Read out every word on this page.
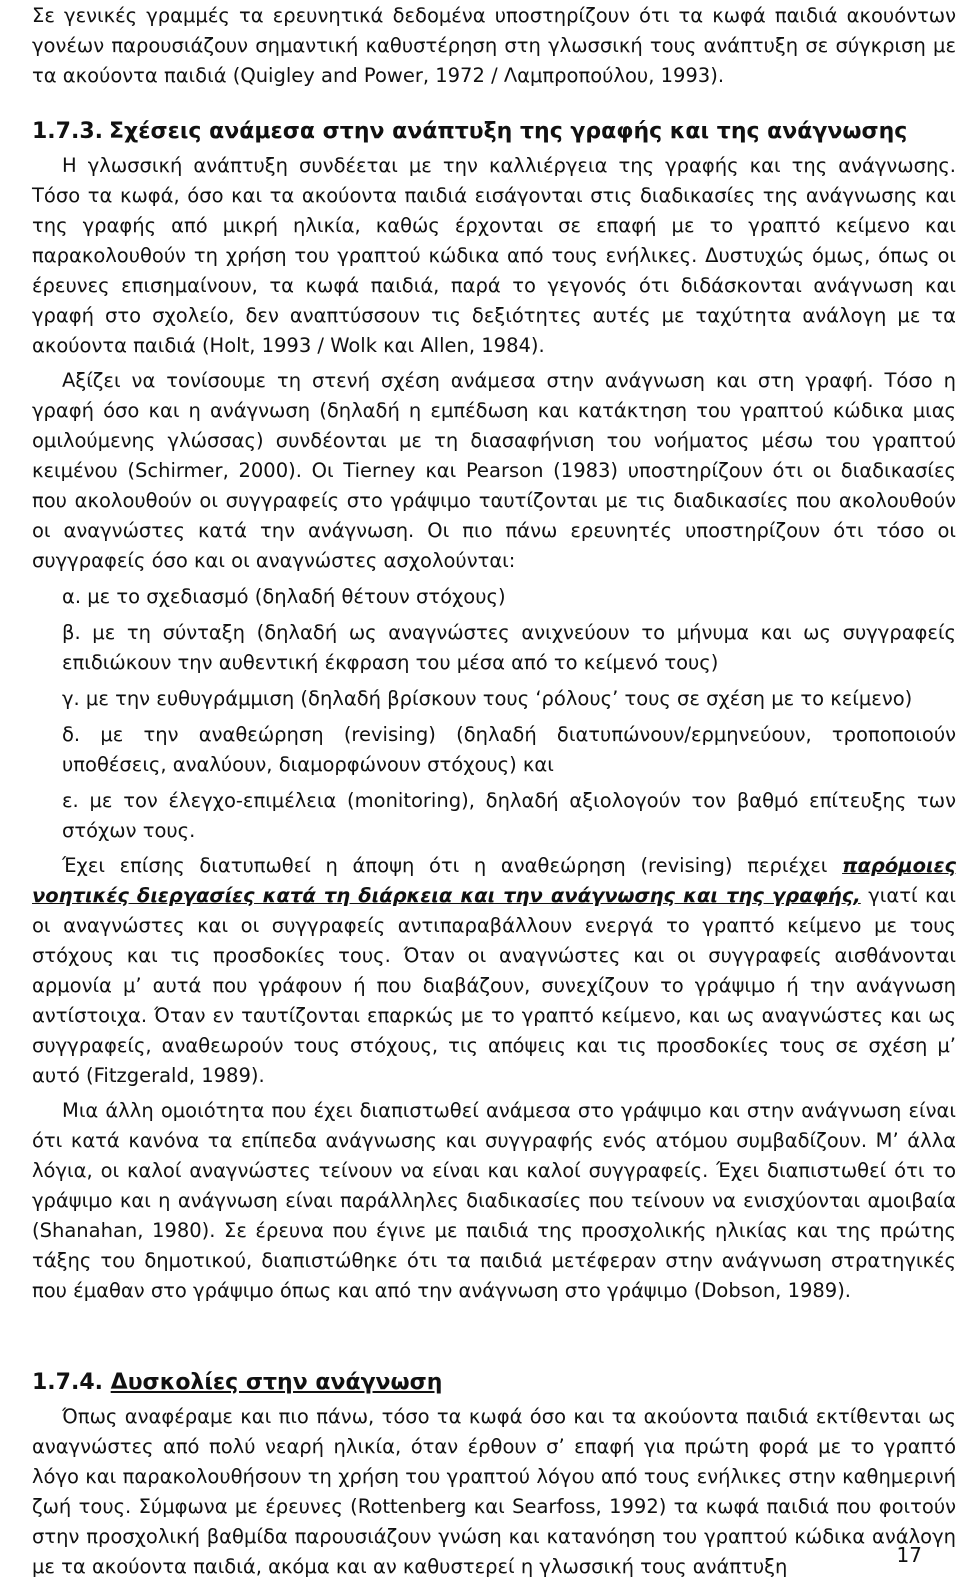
Σε γενικές γραμμές τα ερευνητικά δεδομένα υποστηρίζουν ότι τα κωφά παιδιά ακουόντων γονέων παρουσιάζουν σημαντική καθυστέρηση στη γλωσσική τους ανάπτυξη σε σύγκριση με τα ακούοντα παιδιά (Quigley and Power, 1972 / Λαμπροπούλου, 1993).

1.7.3. Σχέσεις ανάμεσα στην ανάπτυξη της γραφής και της ανάγνωσης

Η γλωσσική ανάπτυξη συνδέεται με την καλλιέργεια της γραφής και της ανάγνωσης. Τόσο τα κωφά, όσο και τα ακούοντα παιδιά εισάγονται στις διαδικασίες της ανάγνωσης και της γραφής από μικρή ηλικία, καθώς έρχονται σε επαφή με το γραπτό κείμενο και παρακολουθούν τη χρήση του γραπτού κώδικα από τους ενήλικες. Δυστυχώς όμως, όπως οι έρευνες επισημαίνουν, τα κωφά παιδιά, παρά το γεγονός ότι διδάσκονται ανάγνωση και γραφή στο σχολείο, δεν αναπτύσσουν τις δεξιότητες αυτές με ταχύτητα ανάλογη με τα ακούοντα παιδιά (Holt, 1993 / Wolk και Allen, 1984).

Αξίζει να τονίσουμε τη στενή σχέση ανάμεσα στην ανάγνωση και στη γραφή. Τόσο η γραφή όσο και η ανάγνωση (δηλαδή η εμπέδωση και κατάκτηση του γραπτού κώδικα μιας ομιλούμενης γλώσσας) συνδέονται με τη διασαφήνιση του νοήματος μέσω του γραπτού κειμένου (Schirmer, 2000). Οι Tierney και Pearson (1983) υποστηρίζουν ότι οι διαδικασίες που ακολουθούν οι συγγραφείς στο γράψιμο ταυτίζονται με τις διαδικασίες που ακολουθούν οι αναγνώστες κατά την ανάγνωση. Οι πιο πάνω ερευνητές υποστηρίζουν ότι τόσο οι συγγραφείς όσο και οι αναγνώστες ασχολούνται:

α. με το σχεδιασμό (δηλαδή θέτουν στόχους)

β. με τη σύνταξη (δηλαδή ως αναγνώστες ανιχνεύουν το μήνυμα και ως συγγραφείς επιδιώκουν την αυθεντική έκφραση του μέσα από το κείμενό τους)

γ. με την ευθυγράμμιση (δηλαδή βρίσκουν τους ‘ρόλους’ τους σε σχέση με το κείμενο)

δ. με την αναθεώρηση (revising) (δηλαδή διατυπώνουν/ερμηνεύουν, τροποποιούν υποθέσεις, αναλύουν, διαμορφώνουν στόχους) και

ε. με τον έλεγχο-επιμέλεια (monitoring), δηλαδή αξιολογούν τον βαθμό επίτευξης των στόχων τους.

Έχει επίσης διατυπωθεί η άποψη ότι η αναθεώρηση (revising) περιέχει παρόμοιες νοητικές διεργασίες κατά τη διάρκεια και την ανάγνωσης και της γραφής, γιατί και οι αναγνώστες και οι συγγραφείς αντιπαραβάλλουν ενεργά το γραπτό κείμενο με τους στόχους και τις προσδοκίες τους. Όταν οι αναγνώστες και οι συγγραφείς αισθάνονται αρμονία μ’ αυτά που γράφουν ή που διαβάζουν, συνεχίζουν το γράψιμο ή την ανάγνωση αντίστοιχα. Όταν εν ταυτίζονται επαρκώς με το γραπτό κείμενο, και ως αναγνώστες και ως συγγραφείς, αναθεωρούν τους στόχους, τις απόψεις και τις προσδοκίες τους σε σχέση μ’ αυτό (Fitzgerald, 1989).

Μια άλλη ομοιότητα που έχει διαπιστωθεί ανάμεσα στο γράψιμο και στην ανάγνωση είναι ότι κατά κανόνα τα επίπεδα ανάγνωσης και συγγραφής ενός ατόμου συμβαδίζουν. Μ’ άλλα λόγια, οι καλοί αναγνώστες τείνουν να είναι και καλοί συγγραφείς. Έχει διαπιστωθεί ότι το γράψιμο και η ανάγνωση είναι παράλληλες διαδικασίες που τείνουν να ενισχύονται αμοιβαία (Shanahan, 1980). Σε έρευνα που έγινε με παιδιά της προσχολικής ηλικίας και της πρώτης τάξης του δημοτικού, διαπιστώθηκε ότι τα παιδιά μετέφεραν στην ανάγνωση στρατηγικές που έμαθαν στο γράψιμο όπως και από την ανάγνωση στο γράψιμο (Dobson, 1989).

1.7.4. Δυσκολίες στην ανάγνωση

Όπως αναφέραμε και πιο πάνω, τόσο τα κωφά όσο και τα ακούοντα παιδιά εκτίθενται ως αναγνώστες από πολύ νεαρή ηλικία, όταν έρθουν σ’ επαφή για πρώτη φορά με το γραπτό λόγο και παρακολουθήσουν τη χρήση του γραπτού λόγου από τους ενήλικες στην καθημερινή ζωή τους. Σύμφωνα με έρευνες (Rottenberg και Searfoss, 1992) τα κωφά παιδιά που φοιτούν στην προσχολική βαθμίδα παρουσιάζουν γνώση και κατανόηση του γραπτού κώδικα ανάλογη με τα ακούοντα παιδιά, ακόμα και αν καθυστερεί η γλωσσική τους ανάπτυξη	17
